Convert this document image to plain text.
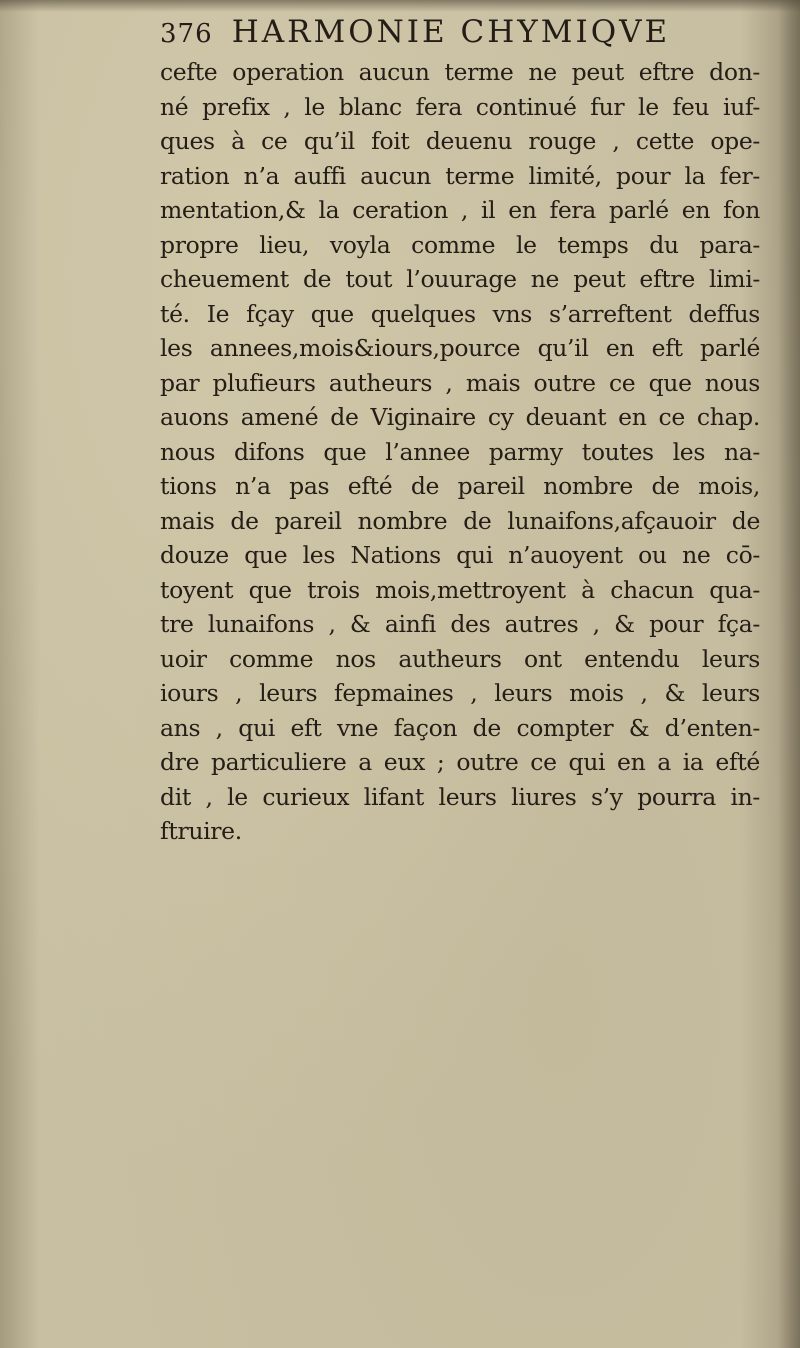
376 HARMONIE CHYMIQVE
cefte operation aucun terme ne peut eftre don-
né prefix , le blanc fera continué fur le feu iuf-
ques à ce qu’il foit deuenu rouge , cette ope-
ration n’a auffi aucun terme limité, pour la fer-
mentation,& la ceration , il en fera parlé en fon
propre lieu, voyla comme le temps du para-
cheuement de tout l’ouurage ne peut eftre limi-
té. Ie fçay que quelques vns s’arreftent deffus
les annees,mois&iours,pource qu’il en eft parlé
par plufieurs autheurs , mais outre ce que nous
auons amené de Viginaire cy deuant en ce chap.
nous difons que l’annee parmy toutes les na-
tions n’a pas efté de pareil nombre de mois,
mais de pareil nombre de lunaifons,afçauoir de
douze que les Nations qui n’auoyent ou ne cō-
toyent que trois mois,mettroyent à chacun qua-
tre lunaifons , & ainfi des autres , & pour fça-
uoir comme nos autheurs ont entendu leurs
iours , leurs fepmaines , leurs mois , & leurs
ans , qui eft vne façon de compter & d’enten-
dre particuliere a eux ; outre ce qui en a ia efté
dit , le curieux lifant leurs liures s’y pourra in-
ftruire.
